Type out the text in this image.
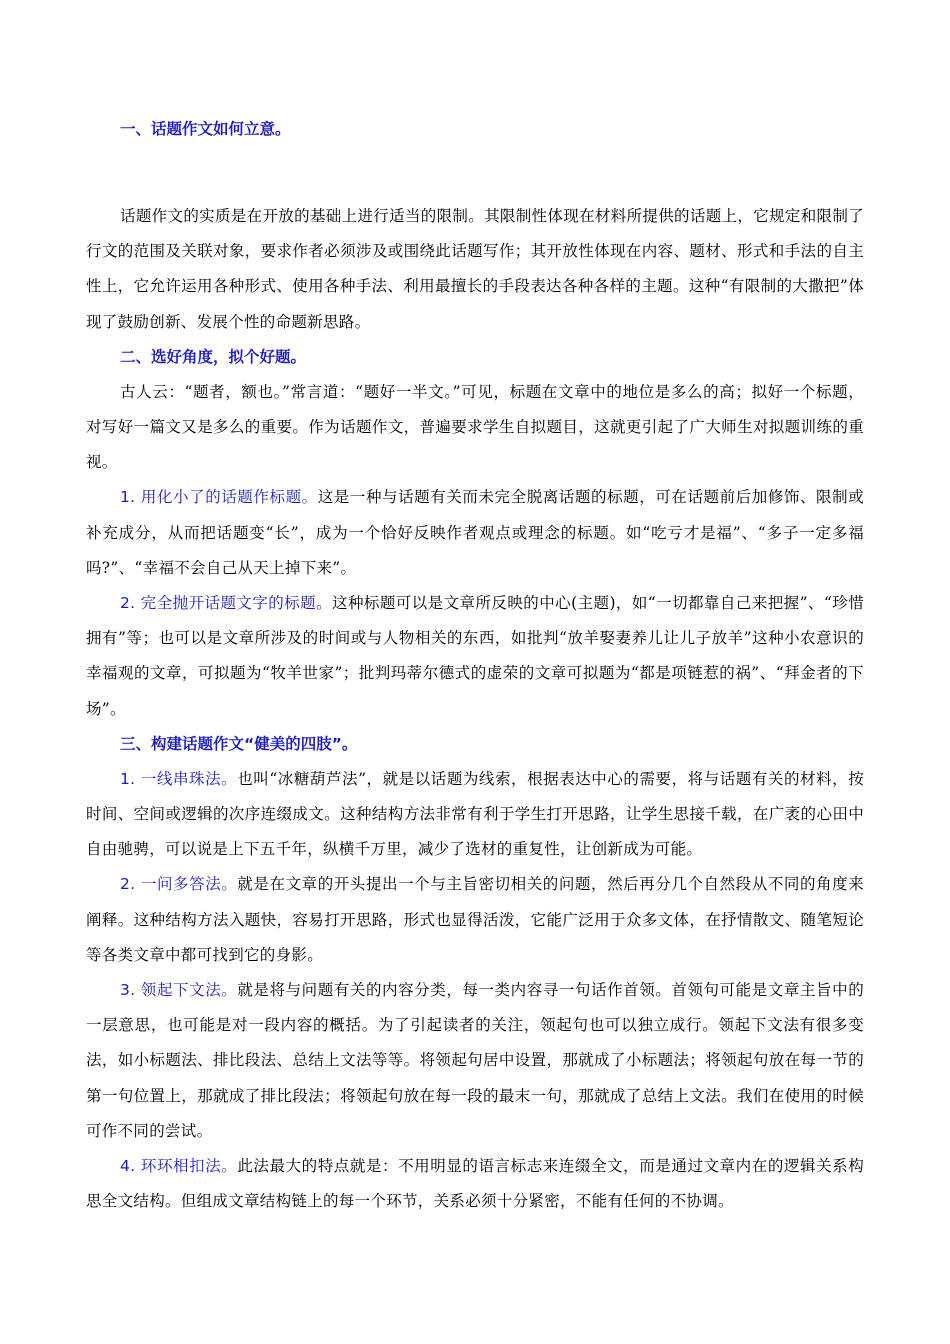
一、话题作文如何立意。

话题作文的实质是在开放的基础上进行适当的限制。其限制性体现在材料所提供的话题上，它规定和限制了行文的范围及关联对象，要求作者必须涉及或围绕此话题写作；其开放性体现在内容、题材、形式和手法的自主性上，它允许运用各种形式、使用各种手法、利用最擅长的手段表达各种各样的主题。这种“有限制的大撒把”体现了鼓励创新、发展个性的命题新思路。

二、选好角度，拟个好题。

古人云：“题者，额也。”常言道：“题好一半文。”可见，标题在文章中的地位是多么的高；拟好一个标题，对写好一篇文又是多么的重要。作为话题作文，普遍要求学生自拟题目，这就更引起了广大师生对拟题训练的重视。

1. 用化小了的话题作标题。这是一种与话题有关而未完全脱离话题的标题，可在话题前后加修饰、限制或补充成分，从而把话题变“长”，成为一个恰好反映作者观点或理念的标题。如“吃亏才是福”、“多子一定多福吗?”、“幸福不会自己从天上掉下来”。

2. 完全抛开话题文字的标题。这种标题可以是文章所反映的中心(主题)，如“一切都靠自己来把握”、“珍惜拥有”等；也可以是文章所涉及的时间或与人物相关的东西，如批判“放羊娶妻养儿让儿子放羊”这种小农意识的幸福观的文章，可拟题为“牧羊世家”；批判玛蒂尔德式的虚荣的文章可拟题为“都是项链惹的祸”、“拜金者的下场”。

三、构建话题作文“健美的四肢”。

1. 一线串珠法。也叫“冰糖葫芦法”，就是以话题为线索，根据表达中心的需要，将与话题有关的材料，按时间、空间或逻辑的次序连缀成文。这种结构方法非常有利于学生打开思路，让学生思接千载，在广袤的心田中自由驰骋，可以说是上下五千年，纵横千万里，减少了选材的重复性，让创新成为可能。

2. 一问多答法。就是在文章的开头提出一个与主旨密切相关的问题，然后再分几个自然段从不同的角度来阐释。这种结构方法入题快，容易打开思路，形式也显得活泼，它能广泛用于众多文体，在抒情散文、随笔短论等各类文章中都可找到它的身影。

3. 领起下文法。就是将与问题有关的内容分类，每一类内容寻一句话作首领。首领句可能是文章主旨中的一层意思，也可能是对一段内容的概括。为了引起读者的关注，领起句也可以独立成行。领起下文法有很多变法，如小标题法、排比段法、总结上文法等等。将领起句居中设置，那就成了小标题法；将领起句放在每一节的第一句位置上，那就成了排比段法；将领起句放在每一段的最末一句，那就成了总结上文法。我们在使用的时候可作不同的尝试。

4. 环环相扣法。此法最大的特点就是：不用明显的语言标志来连缀全文，而是通过文章内在的逻辑关系构思全文结构。但组成文章结构链上的每一个环节，关系必须十分紧密，不能有任何的不协调。
